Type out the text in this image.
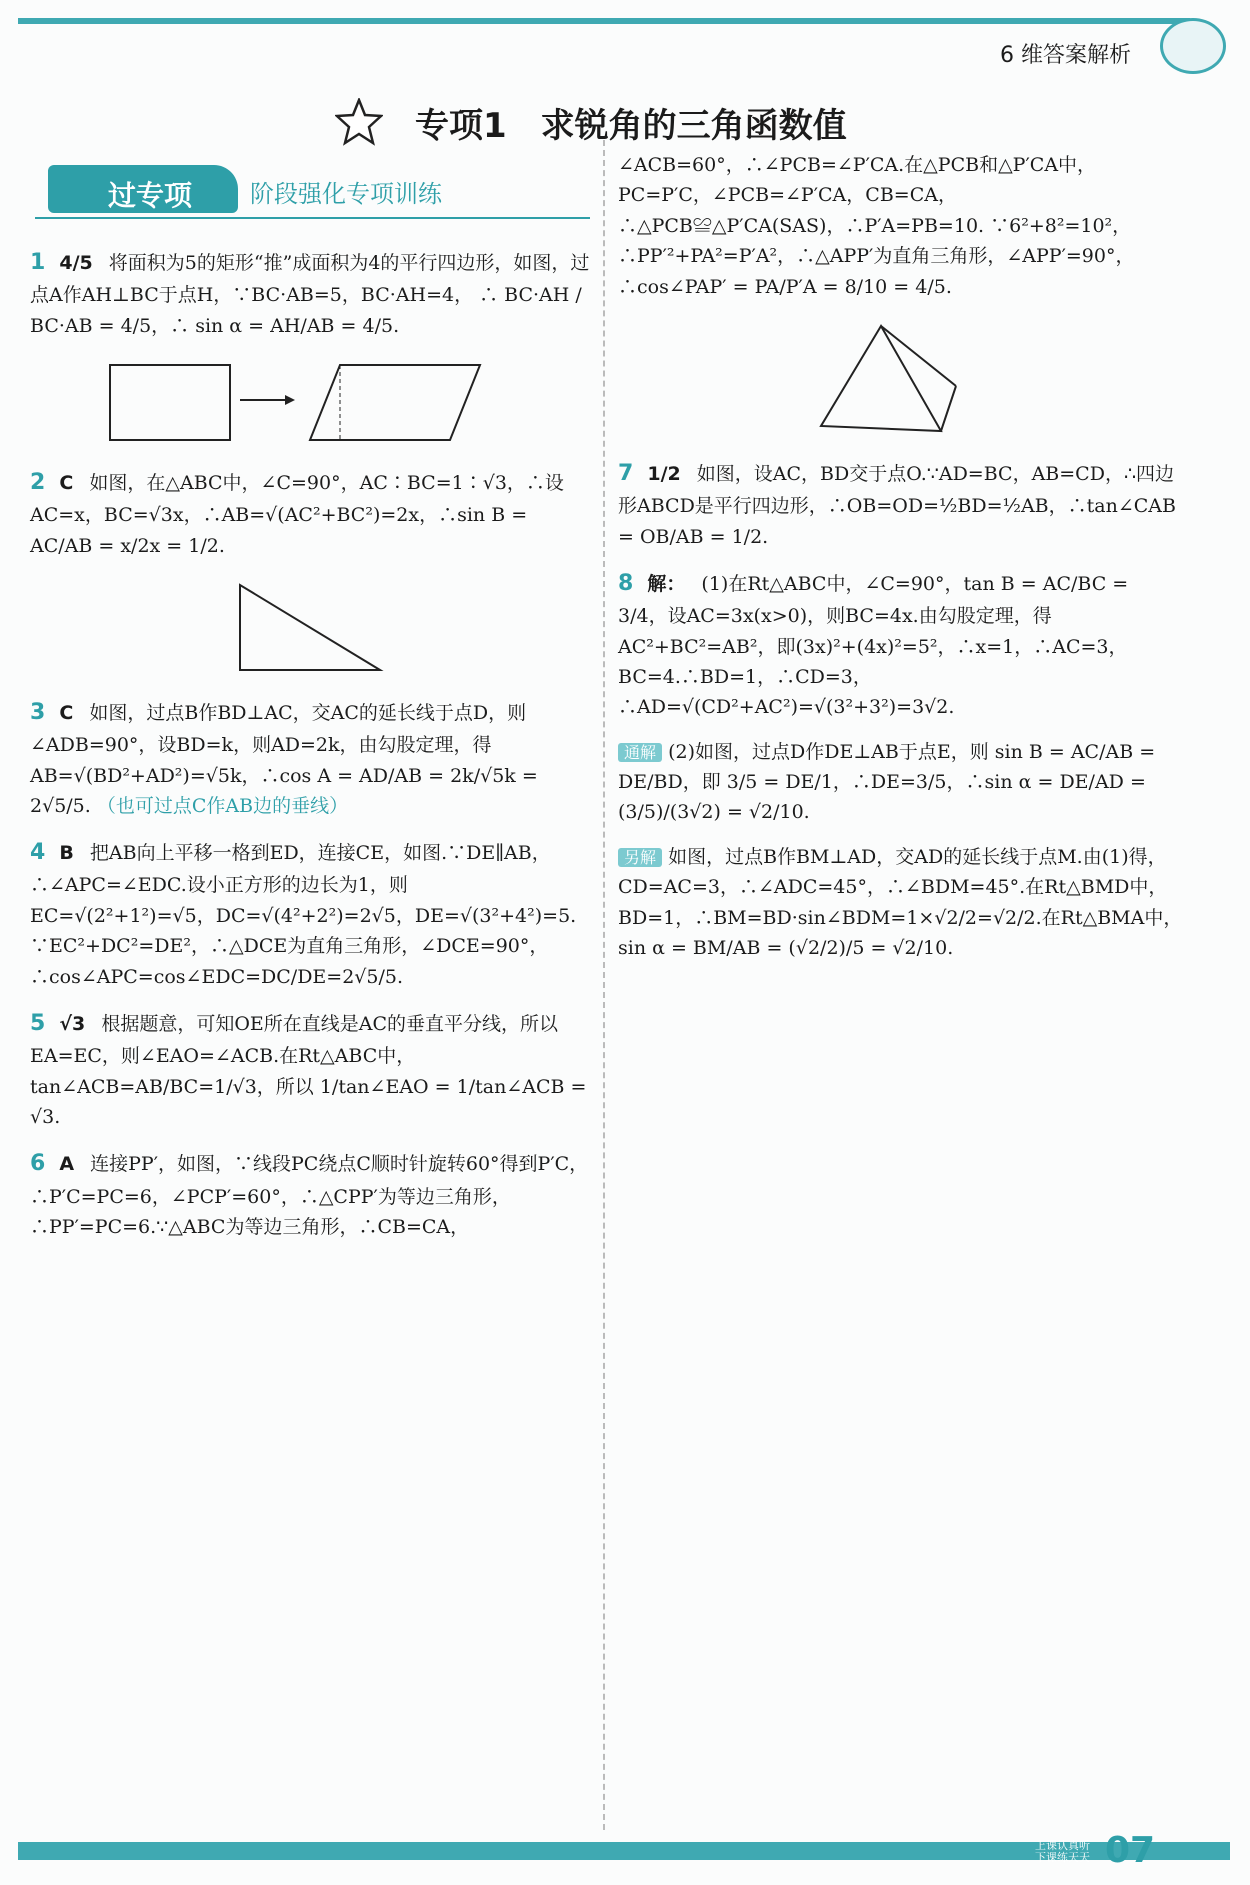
6 维答案解析
专项1　求锐角的三角函数值
过专项 阶段强化专项训练

1 4/5 将面积为5的矩形“推”成面积为4的平行四边形，如图，过点A作AH⊥BC于点H，∵BC·AB=5，BC·AH=4， ∴ BC·AH / BC·AB = 4/5，∴ sin α = AH/AB = 4/5.

2 C 如图，在△ABC中，∠C=90°，AC∶BC=1∶√3，∴设AC=x，BC=√3x，∴AB=√(AC²+BC²)=2x，∴sin B = AC/AB = x/2x = 1/2.

3 C 如图，过点B作BD⊥AC，交AC的延长线于点D，则∠ADB=90°，设BD=k，则AD=2k，由勾股定理，得AB=√(BD²+AD²)=√5k，∴cos A = AD/AB = 2k/√5k = 2√5/5. （也可过点C作AB边的垂线）

4 B 把AB向上平移一格到ED，连接CE，如图.∵DE∥AB，∴∠APC=∠EDC.设小正方形的边长为1，则EC=√(2²+1²)=√5，DC=√(4²+2²)=2√5，DE=√(3²+4²)=5. ∵EC²+DC²=DE²，∴△DCE为直角三角形，∠DCE=90°，∴cos∠APC=cos∠EDC=DC/DE=2√5/5.

5 √3 根据题意，可知OE所在直线是AC的垂直平分线，所以EA=EC，则∠EAO=∠ACB.在Rt△ABC中，tan∠ACB=AB/BC=1/√3，所以 1/tan∠EAO = 1/tan∠ACB = √3.

6 A 连接PP′，如图，∵线段PC绕点C顺时针旋转60°得到P′C，∴P′C=PC=6，∠PCP′=60°，∴△CPP′为等边三角形，∴PP′=PC=6.∵△ABC为等边三角形，∴CB=CA，

∠ACB=60°，∴∠PCB=∠P′CA.在△PCB和△P′CA中，PC=P′C，∠PCB=∠P′CA，CB=CA，∴△PCB≌△P′CA(SAS)，∴P′A=PB=10. ∵6²+8²=10²，∴PP′²+PA²=P′A²，∴△APP′为直角三角形，∠APP′=90°，∴cos∠PAP′ = PA/P′A = 8/10 = 4/5.

7 1/2 如图，设AC，BD交于点O.∵AD=BC，AB=CD，∴四边形ABCD是平行四边形，∴OB=OD=½BD=½AB，∴tan∠CAB = OB/AB = 1/2.

8 解： (1)在Rt△ABC中，∠C=90°，tan B = AC/BC = 3/4，设AC=3x(x>0)，则BC=4x.由勾股定理，得AC²+BC²=AB²，即(3x)²+(4x)²=5²，∴x=1，∴AC=3，BC=4.∴BD=1，∴CD=3，∴AD=√(CD²+AC²)=√(3²+3²)=3√2.

通解 (2)如图，过点D作DE⊥AB于点E，则 sin B = AC/AB = DE/BD，即 3/5 = DE/1，∴DE=3/5，∴sin α = DE/AD = (3/5)/(3√2) = √2/10.

另解 如图，过点B作BM⊥AD，交AD的延长线于点M.由(1)得，CD=AC=3，∴∠ADC=45°，∴∠BDM=45°.在Rt△BMD中，BD=1，∴BM=BD·sin∠BDM=1×√2/2=√2/2.在Rt△BMA中，sin α = BM/AB = (√2/2)/5 = √2/10.

上课认真听
下课练天天 07
